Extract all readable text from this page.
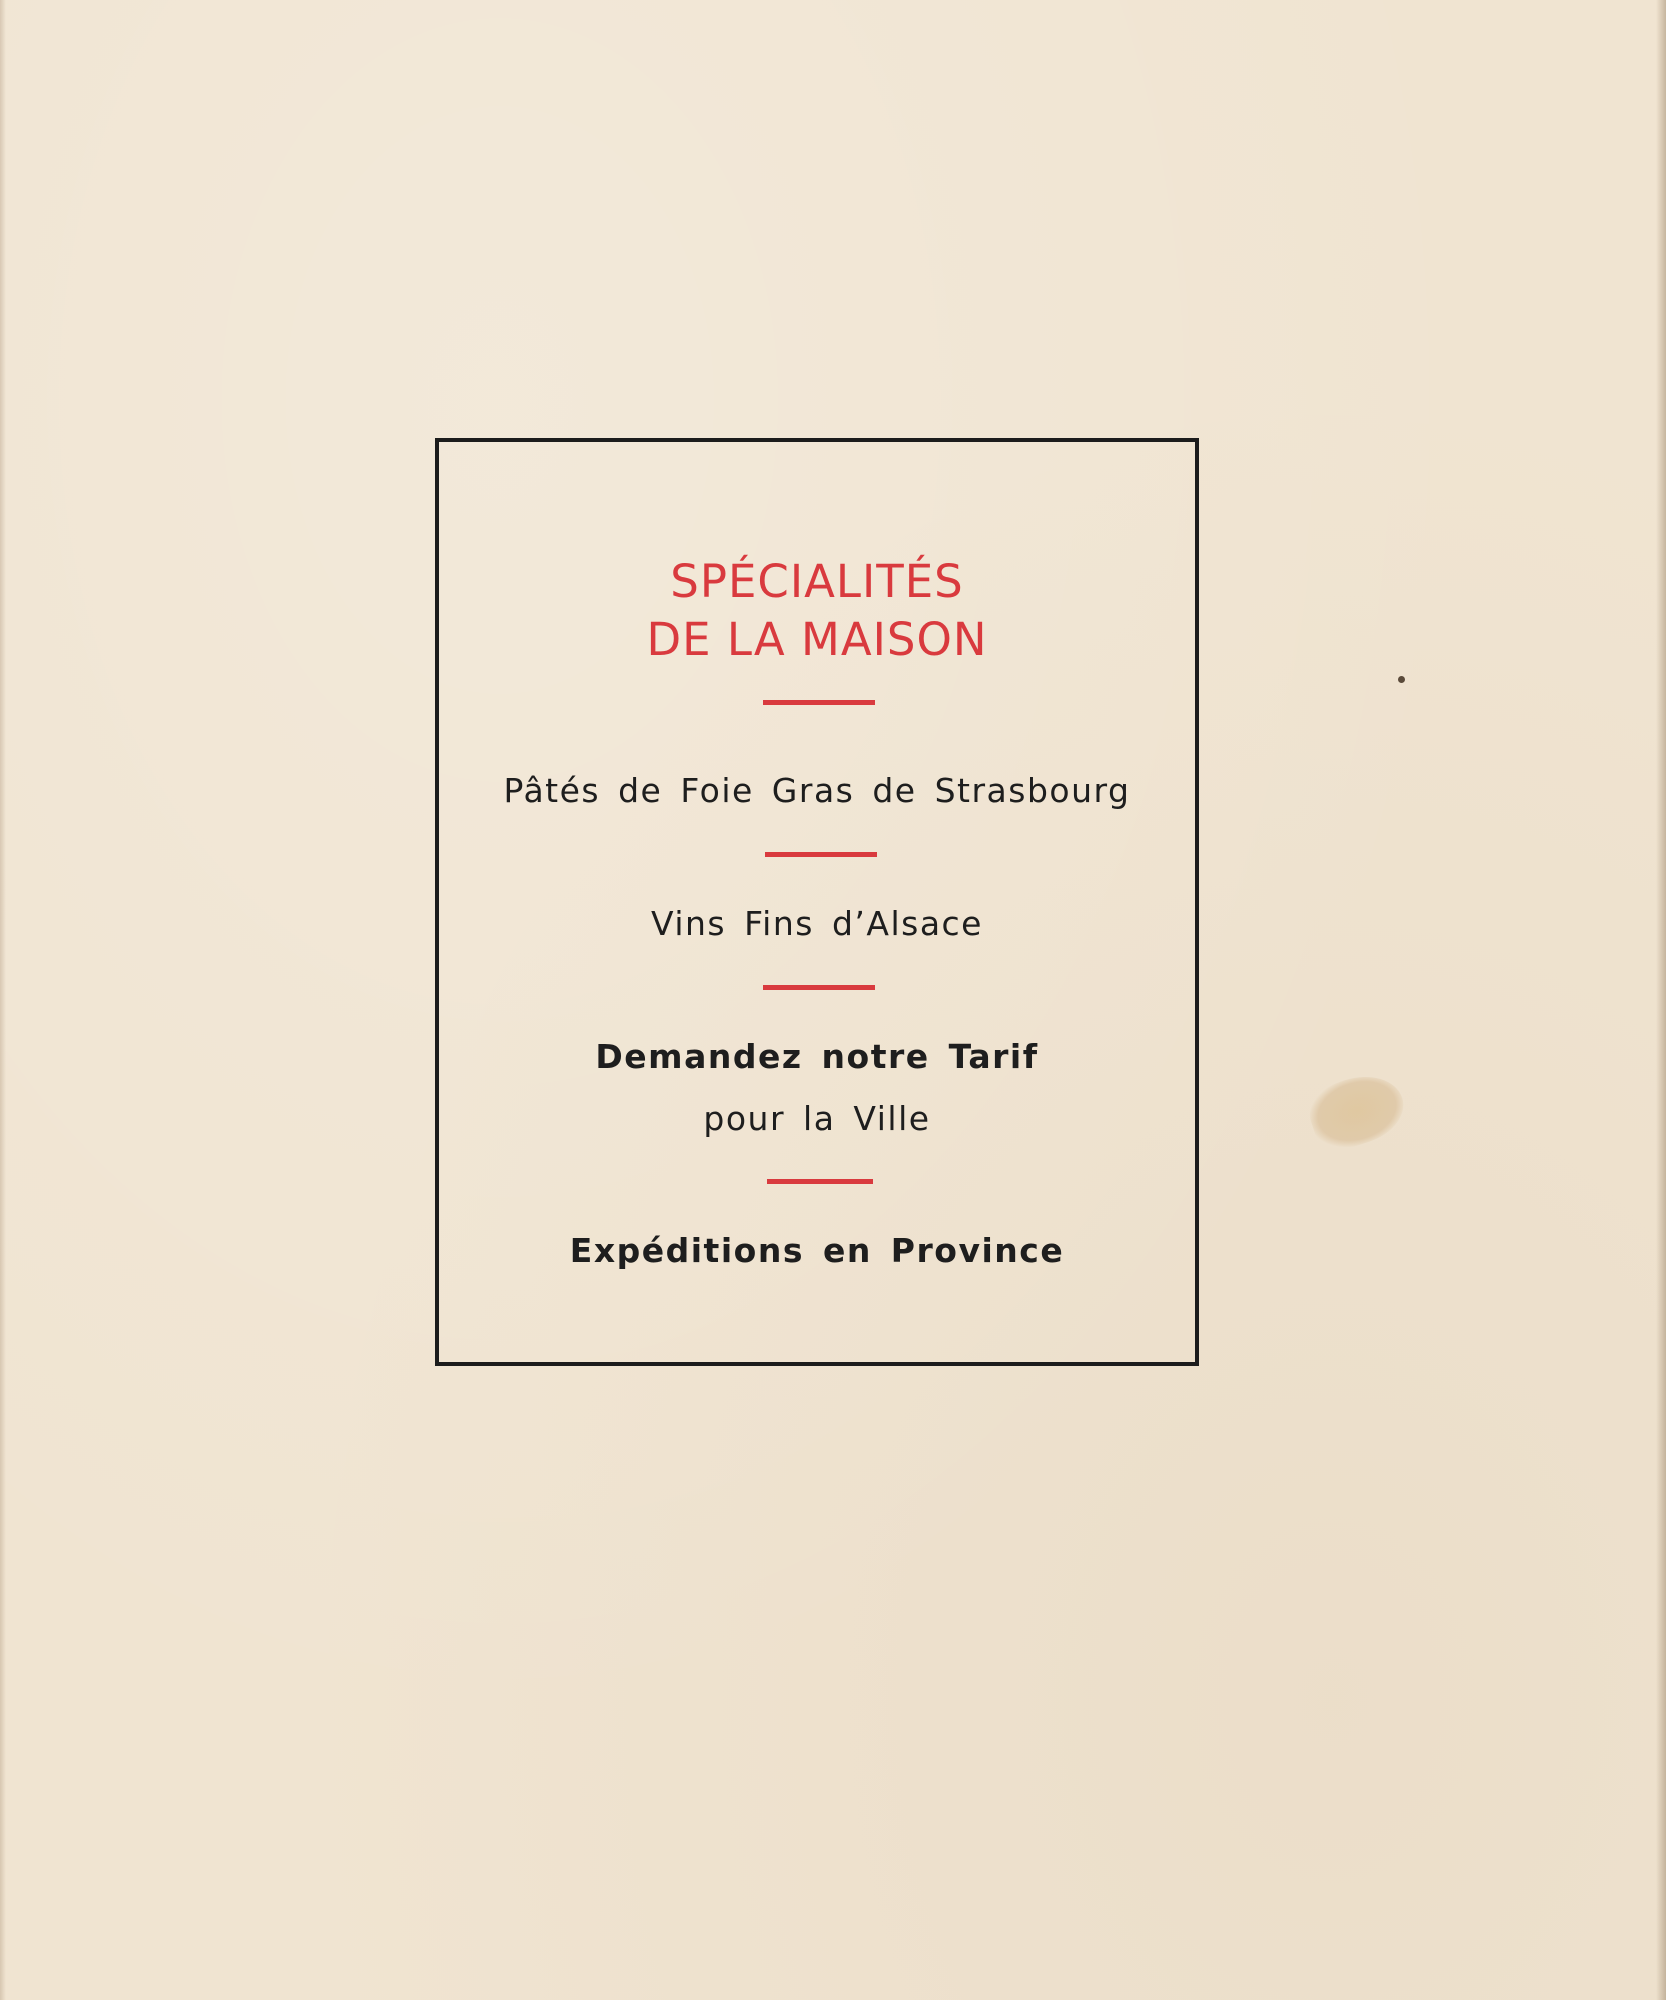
SPÉCIALITÉS
DE LA MAISON
Pâtés de Foie Gras de Strasbourg
Vins Fins d’Alsace
Demandez notre Tarif
pour la Ville
Expéditions en Province
